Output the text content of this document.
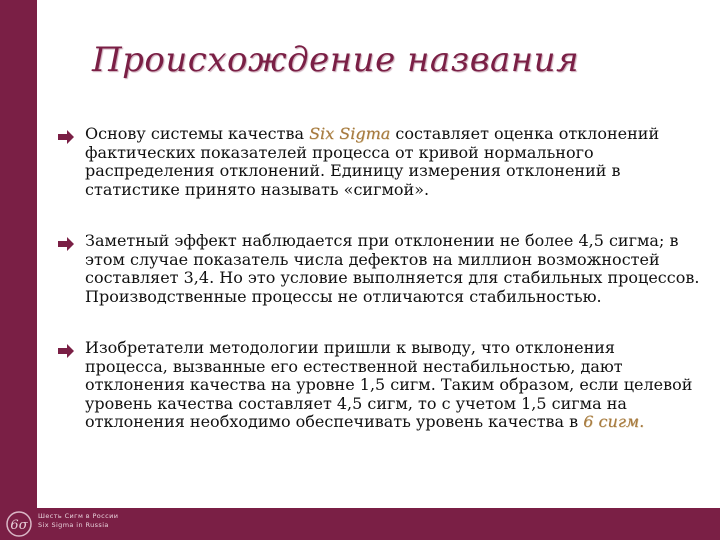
Происхождение названия
Основу системы качества Six Sigma составляет оценка отклонений фактических показателей процесса от кривой нормального распределения отклонений. Единицу измерения отклонений в статистике принято называть «сигмой».
Заметный эффект наблюдается при отклонении не более 4,5 сигма; в этом случае показатель числа дефектов на миллион возможностей составляет 3,4. Но это условие выполняется для стабильных процессов. Производственные процессы не отличаются стабильностью.
Изобретатели методологии пришли к выводу, что отклонения процесса, вызванные его естественной нестабильностью, дают отклонения качества на уровне 1,5 сигм. Таким образом, если целевой уровень качества составляет 4,5 сигм, то с учетом 1,5 сигма на отклонения необходимо обеспечивать уровень качества в 6 сигм.
6σ
Шесть Сигм в России
Six Sigma in Russia
